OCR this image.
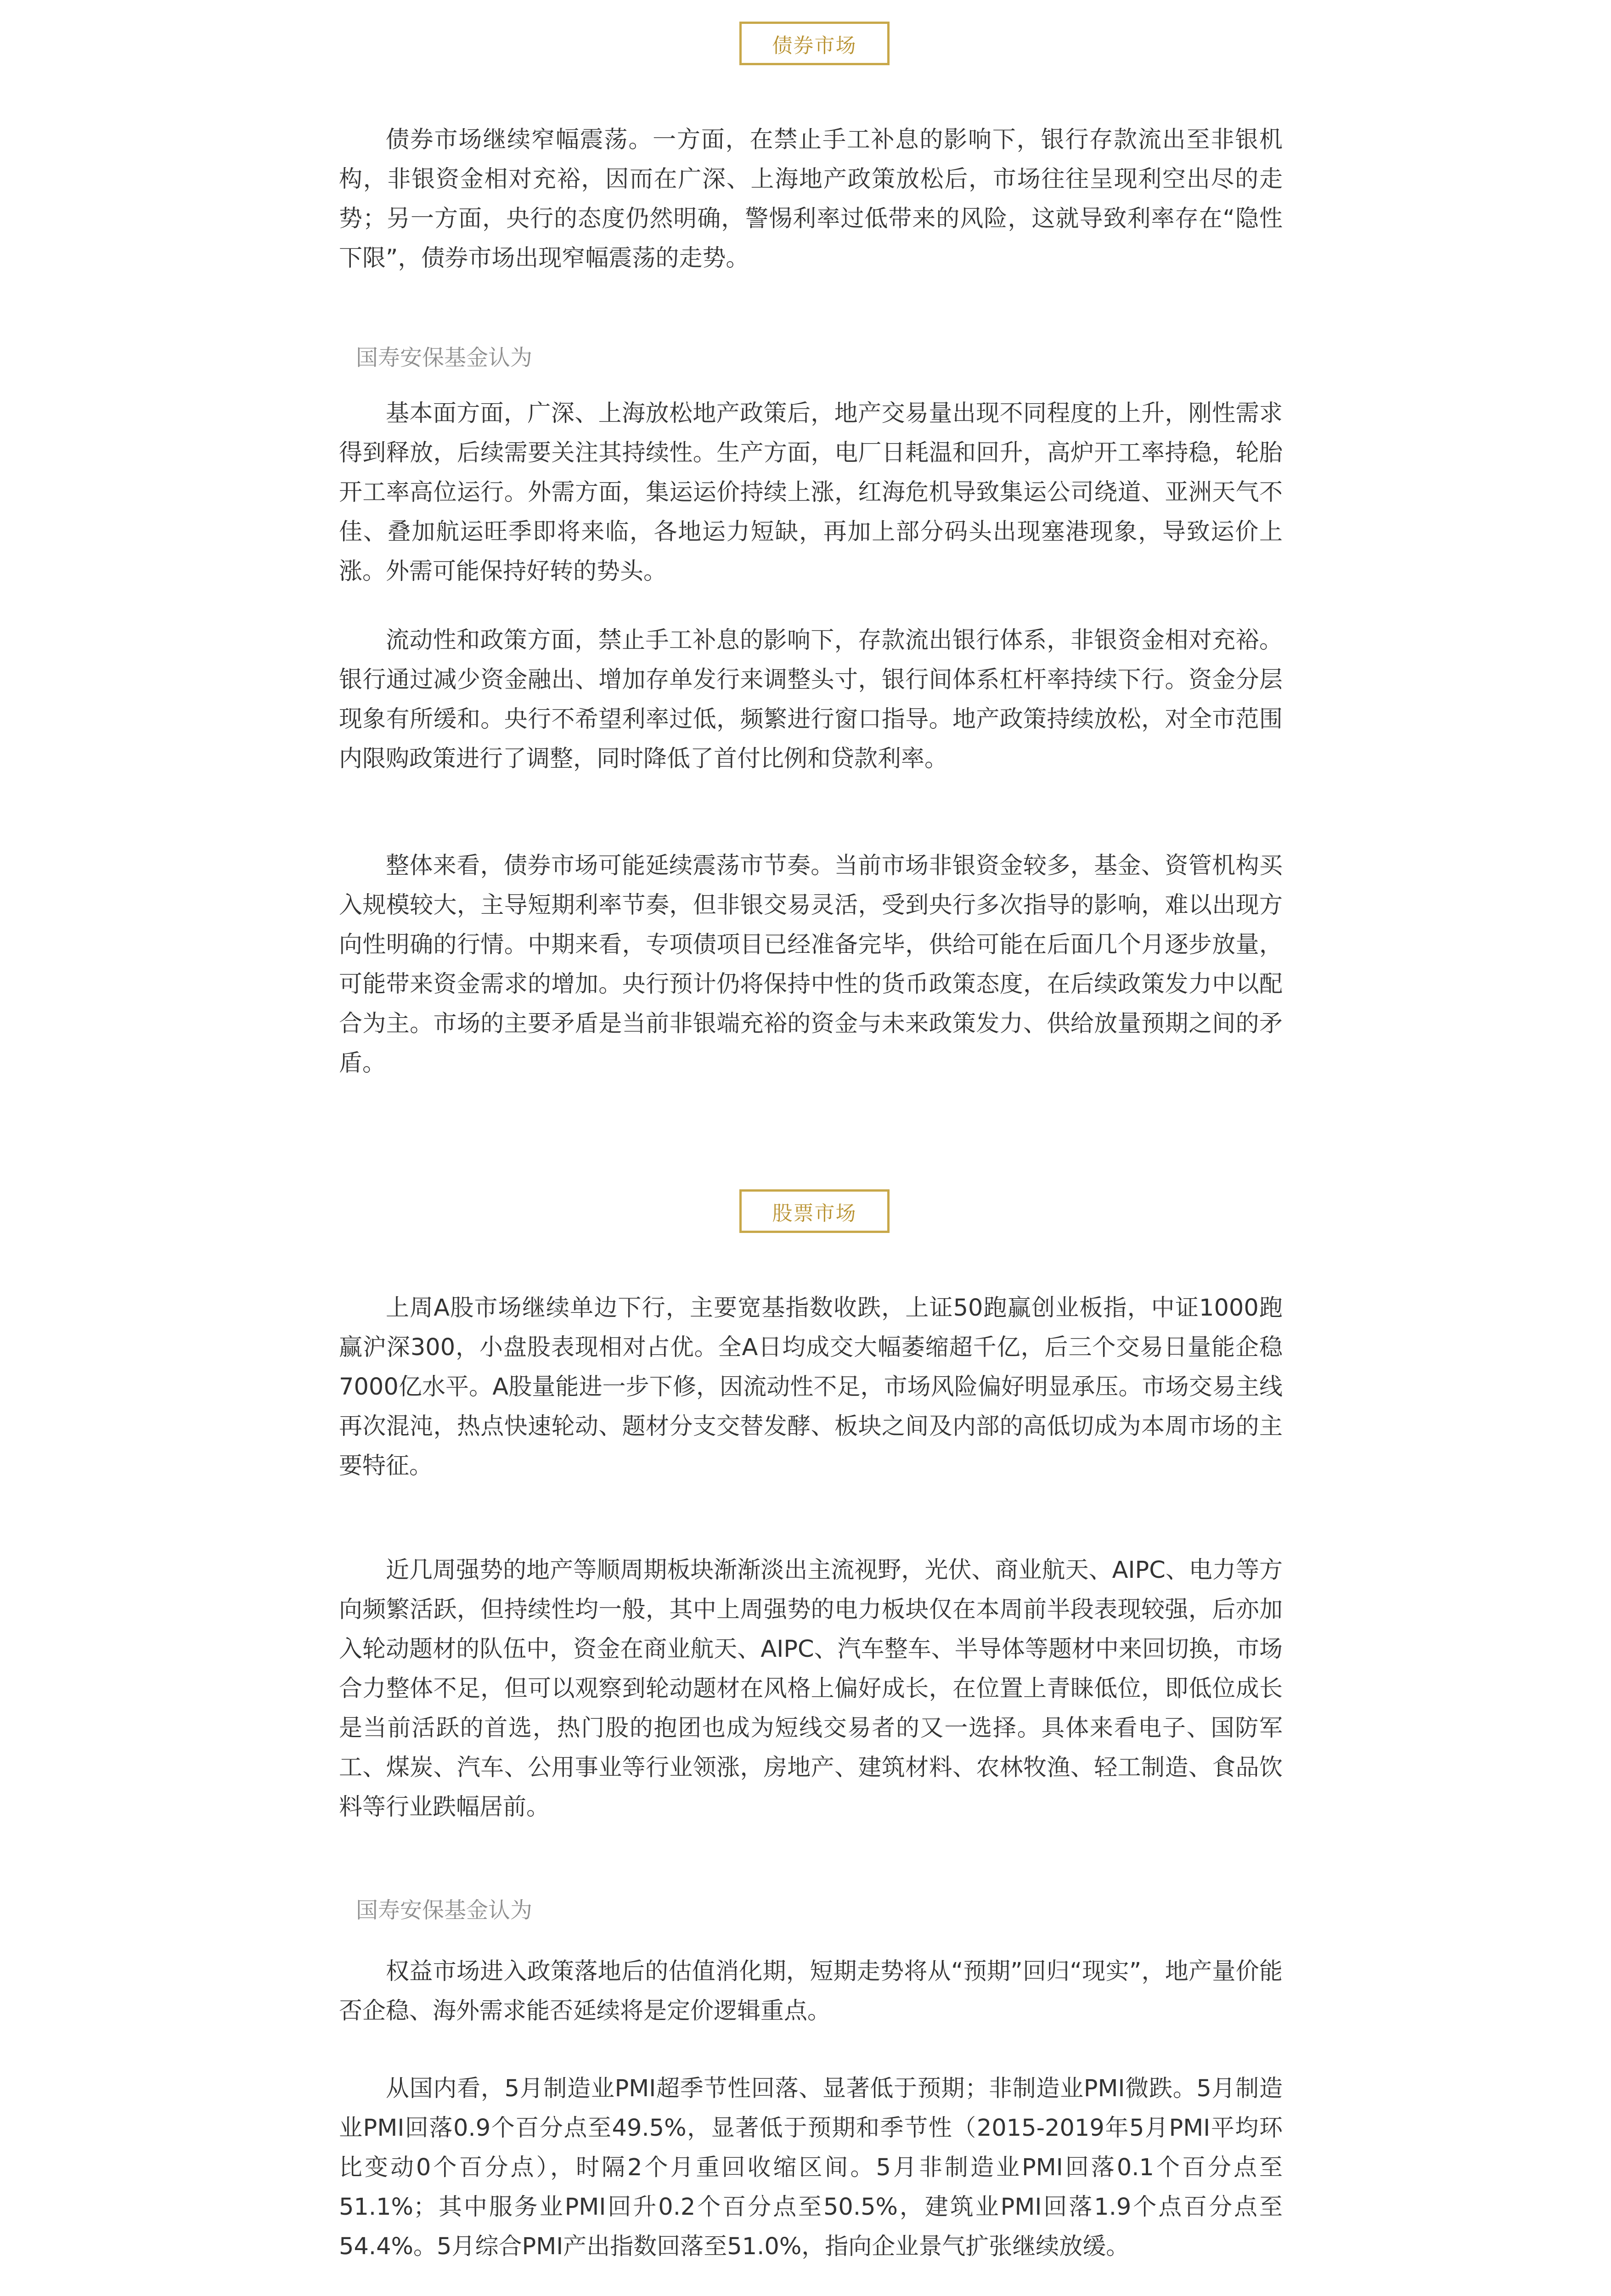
债券市场

债券市场继续窄幅震荡。一方面，在禁止手工补息的影响下，银行存款流出至非银机构，非银资金相对充裕，因而在广深、上海地产政策放松后，市场往往呈现利空出尽的走势；另一方面，央行的态度仍然明确，警惕利率过低带来的风险，这就导致利率存在“隐性下限”，债券市场出现窄幅震荡的走势。

国寿安保基金认为

基本面方面，广深、上海放松地产政策后，地产交易量出现不同程度的上升，刚性需求得到释放，后续需要关注其持续性。生产方面，电厂日耗温和回升，高炉开工率持稳，轮胎开工率高位运行。外需方面，集运运价持续上涨，红海危机导致集运公司绕道、亚洲天气不佳、叠加航运旺季即将来临，各地运力短缺，再加上部分码头出现塞港现象，导致运价上涨。外需可能保持好转的势头。

流动性和政策方面，禁止手工补息的影响下，存款流出银行体系，非银资金相对充裕。银行通过减少资金融出、增加存单发行来调整头寸，银行间体系杠杆率持续下行。资金分层现象有所缓和。央行不希望利率过低，频繁进行窗口指导。地产政策持续放松，对全市范围内限购政策进行了调整，同时降低了首付比例和贷款利率。

整体来看，债券市场可能延续震荡市节奏。当前市场非银资金较多，基金、资管机构买入规模较大，主导短期利率节奏，但非银交易灵活，受到央行多次指导的影响，难以出现方向性明确的行情。中期来看，专项债项目已经准备完毕，供给可能在后面几个月逐步放量，可能带来资金需求的增加。央行预计仍将保持中性的货币政策态度，在后续政策发力中以配合为主。市场的主要矛盾是当前非银端充裕的资金与未来政策发力、供给放量预期之间的矛盾。

股票市场

上周A股市场继续单边下行，主要宽基指数收跌，上证50跑赢创业板指，中证1000跑赢沪深300，小盘股表现相对占优。全A日均成交大幅萎缩超千亿，后三个交易日量能企稳7000亿水平。A股量能进一步下修，因流动性不足，市场风险偏好明显承压。市场交易主线再次混沌，热点快速轮动、题材分支交替发酵、板块之间及内部的高低切成为本周市场的主要特征。

近几周强势的地产等顺周期板块渐渐淡出主流视野，光伏、商业航天、AIPC、电力等方向频繁活跃，但持续性均一般，其中上周强势的电力板块仅在本周前半段表现较强，后亦加入轮动题材的队伍中，资金在商业航天、AIPC、汽车整车、半导体等题材中来回切换，市场合力整体不足，但可以观察到轮动题材在风格上偏好成长，在位置上青睐低位，即低位成长是当前活跃的首选，热门股的抱团也成为短线交易者的又一选择。具体来看电子、国防军工、煤炭、汽车、公用事业等行业领涨，房地产、建筑材料、农林牧渔、轻工制造、食品饮料等行业跌幅居前。

国寿安保基金认为

权益市场进入政策落地后的估值消化期，短期走势将从“预期”回归“现实”，地产量价能否企稳、海外需求能否延续将是定价逻辑重点。

从国内看，5月制造业PMI超季节性回落、显著低于预期；非制造业PMI微跌。5月制造业PMI回落0.9个百分点至49.5%，显著低于预期和季节性（2015-2019年5月PMI平均环比变动0个百分点），时隔2个月重回收缩区间。5月非制造业PMI回落0.1个百分点至51.1%；其中服务业PMI回升0.2个百分点至50.5%，建筑业PMI回落1.9个点百分点至54.4%。5月综合PMI产出指数回落至51.0%，指向企业景气扩张继续放缓。
